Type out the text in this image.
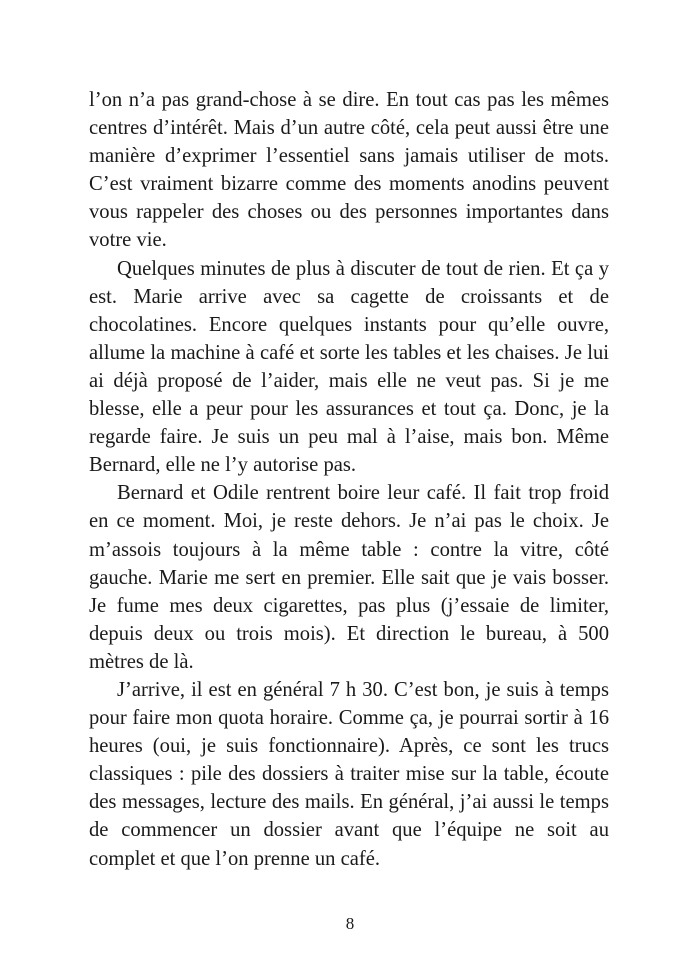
l’on n’a pas grand-chose à se dire. En tout cas pas les mêmes centres d’intérêt. Mais d’un autre côté, cela peut aussi être une manière d’exprimer l’essentiel sans jamais utiliser de mots. C’est vraiment bizarre comme des moments anodins peuvent vous rappeler des choses ou des personnes importantes dans votre vie.

Quelques minutes de plus à discuter de tout de rien. Et ça y est. Marie arrive avec sa cagette de croissants et de chocolatines. Encore quelques instants pour qu’elle ouvre, allume la machine à café et sorte les tables et les chaises. Je lui ai déjà proposé de l’aider, mais elle ne veut pas. Si je me blesse, elle a peur pour les assurances et tout ça. Donc, je la regarde faire. Je suis un peu mal à l’aise, mais bon. Même Bernard, elle ne l’y autorise pas.

Bernard et Odile rentrent boire leur café. Il fait trop froid en ce moment. Moi, je reste dehors. Je n’ai pas le choix. Je m’assois toujours à la même table : contre la vitre, côté gauche. Marie me sert en premier. Elle sait que je vais bosser. Je fume mes deux cigarettes, pas plus (j’essaie de limiter, depuis deux ou trois mois). Et direction le bureau, à 500 mètres de là.

J’arrive, il est en général 7 h 30. C’est bon, je suis à temps pour faire mon quota horaire. Comme ça, je pourrai sortir à 16 heures (oui, je suis fonctionnaire). Après, ce sont les trucs classiques : pile des dossiers à traiter mise sur la table, écoute des messages, lecture des mails. En général, j’ai aussi le temps de commencer un dossier avant que l’équipe ne soit au complet et que l’on prenne un café.

8
